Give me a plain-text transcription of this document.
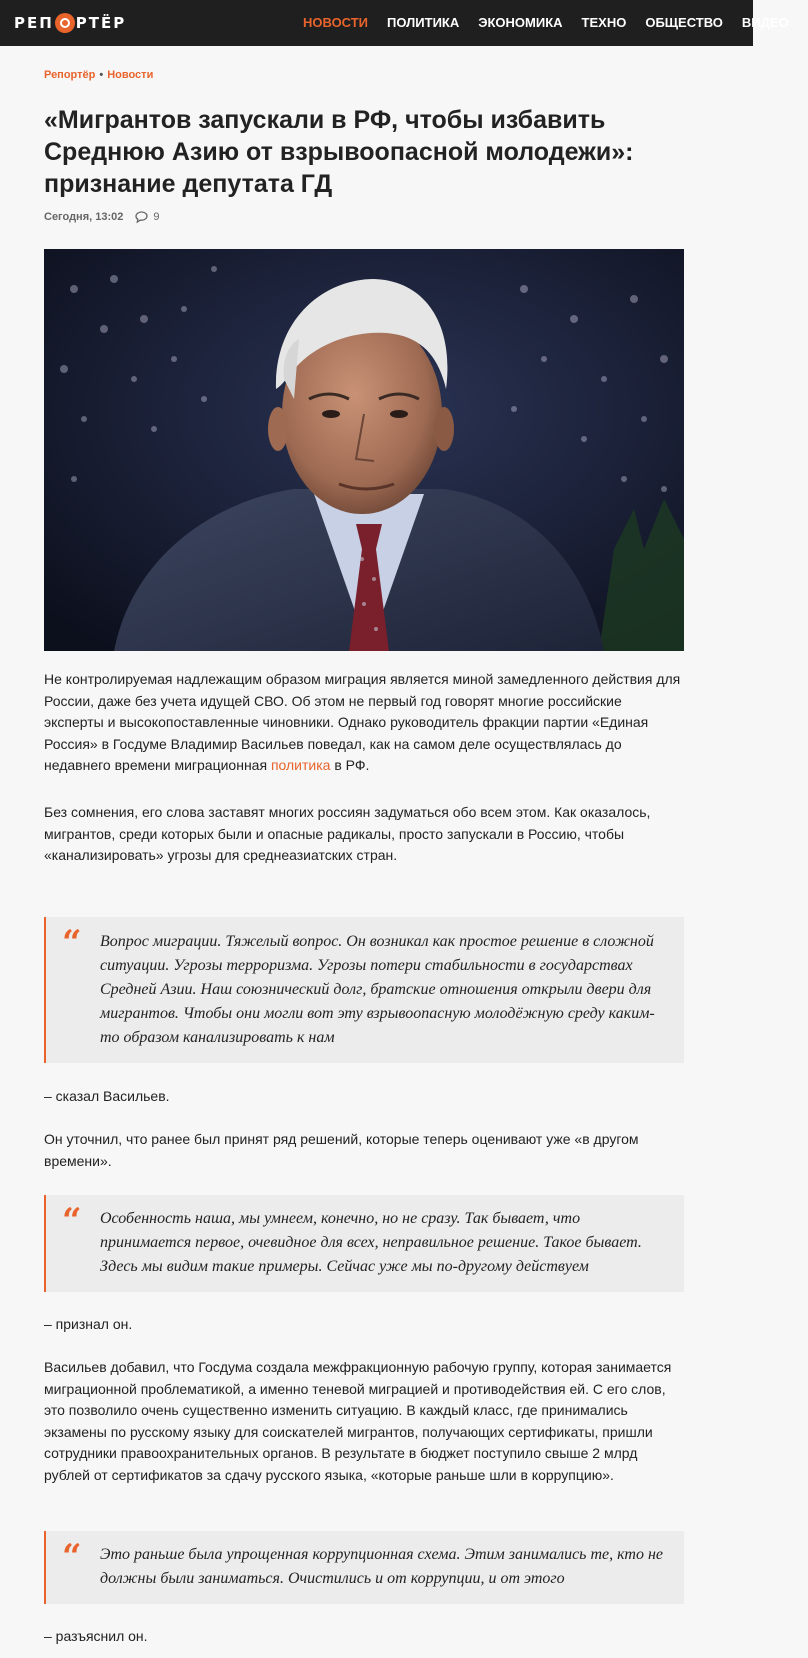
РЕП РТЁР	НОВОСТИ ПОЛИТИКА ЭКОНОМИКА ТЕХНО ОБЩЕСТВО ВИДЕО
Репортёр • Новости
«Мигрантов запускали в РФ, чтобы избавить Среднюю Азию от взрывоопасной молодежи»: признание депутата ГД
Сегодня, 13:02	9

Не контролируемая надлежащим образом миграция является миной замедленного действия для России, даже без учета идущей СВО. Об этом не первый год говорят многие российские эксперты и высокопоставленные чиновники. Однако руководитель фракции партии «Единая Россия» в Госдуме Владимир Васильев поведал, как на самом деле осуществлялась до недавнего времени миграционная политика в РФ.

Без сомнения, его слова заставят многих россиян задуматься обо всем этом. Как оказалось, мигрантов, среди которых были и опасные радикалы, просто запускали в Россию, чтобы «канализировать» угрозы для среднеазиатских стран.

“ Вопрос миграции. Тяжелый вопрос. Он возникал как простое решение в сложной ситуации. Угрозы терроризма. Угрозы потери стабильности в государствах Средней Азии. Наш союзнический долг, братские отношения открыли двери для мигрантов. Чтобы они могли вот эту взрывоопасную молодёжную среду каким-то образом канализировать к нам

– сказал Васильев.

Он уточнил, что ранее был принят ряд решений, которые теперь оценивают уже «в другом времени».

“ Особенность наша, мы умнеем, конечно, но не сразу. Так бывает, что принимается первое, очевидное для всех, неправильное решение. Такое бывает. Здесь мы видим такие примеры. Сейчас уже мы по-другому действуем

– признал он.

Васильев добавил, что Госдума создала межфракционную рабочую группу, которая занимается миграционной проблематикой, а именно теневой миграцией и противодействия ей. С его слов, это позволило очень существенно изменить ситуацию. В каждый класс, где принимались экзамены по русскому языку для соискателей мигрантов, получающих сертификаты, пришли сотрудники правоохранительных органов. В результате в бюджет поступило свыше 2 млрд рублей от сертификатов за сдачу русского языка, «которые раньше шли в коррупцию».

“ Это раньше была упрощенная коррупционная схема. Этим занимались те, кто не должны были заниматься. Очистились и от коррупции, и от этого

– разъяснил он.
